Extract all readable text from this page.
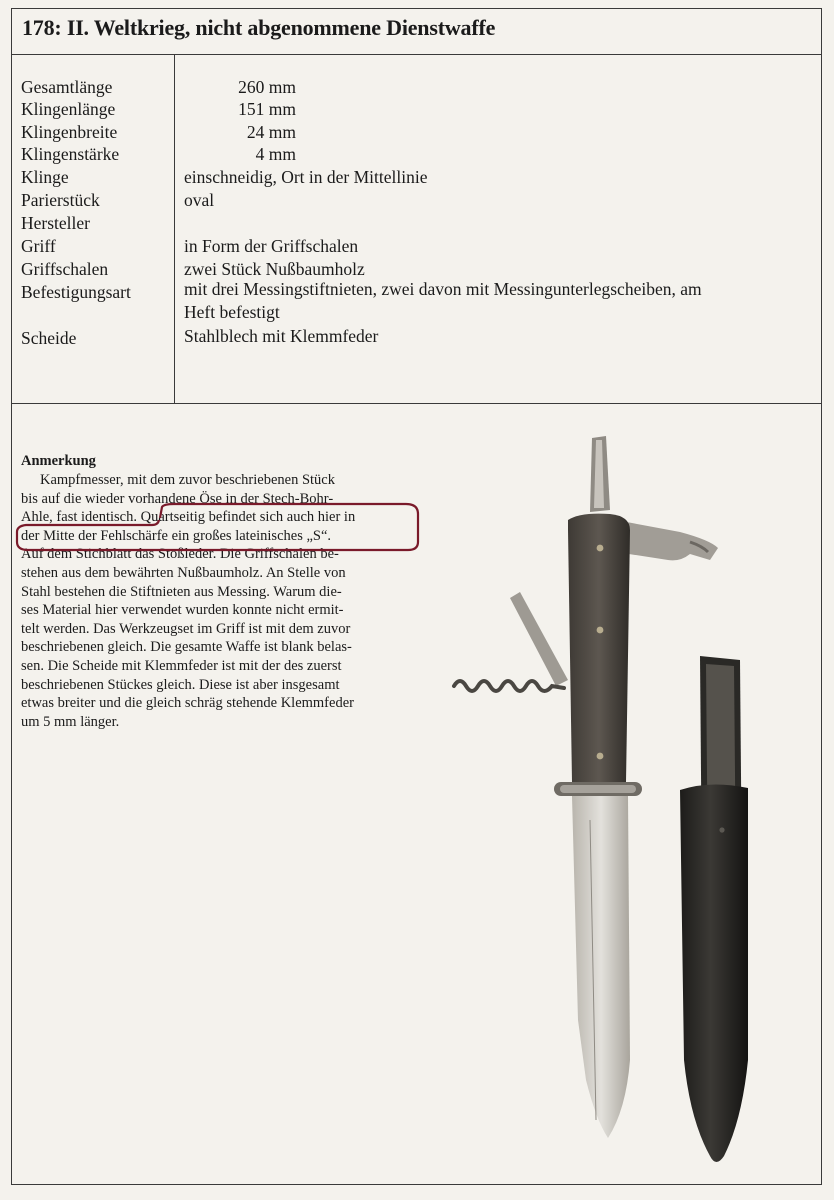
178: II. Weltkrieg, nicht abgenommene Dienstwaffe
Gesamtlänge	260 mm
Klingenlänge	151 mm
Klingenbreite	24 mm
Klingenstärke	4 mm
Klinge	einschneidig, Ort in der Mittellinie
Parierstück	oval
Hersteller
Griff	in Form der Griffschalen
Griffschalen	zwei Stück Nußbaumholz
Befestigungsart	mit drei Messingstiftnieten, zwei davon mit Messingunterlegscheiben, am
Heft befestigt
Scheide	Stahlblech mit Klemmfeder
Anmerkung
Kampfmesser, mit dem zuvor beschriebenen Stück
bis auf die wieder vorhandene Öse in der Stech-Bohr-
Ahle, fast identisch. Quartseitig befindet sich auch hier in
der Mitte der Fehlschärfe ein großes lateinisches „S“.
Auf dem Stichblatt das Stoßleder. Die Griffschalen be-
stehen aus dem bewährten Nußbaumholz. An Stelle von
Stahl bestehen die Stiftnieten aus Messing. Warum die-
ses Material hier verwendet wurden konnte nicht ermit-
telt werden. Das Werkzeugset im Griff ist mit dem zuvor
beschriebenen gleich. Die gesamte Waffe ist blank belas-
sen. Die Scheide mit Klemmfeder ist mit der des zuerst
beschriebenen Stückes gleich. Diese ist aber insgesamt
etwas breiter und die gleich schräg stehende Klemmfeder
um 5 mm länger.
